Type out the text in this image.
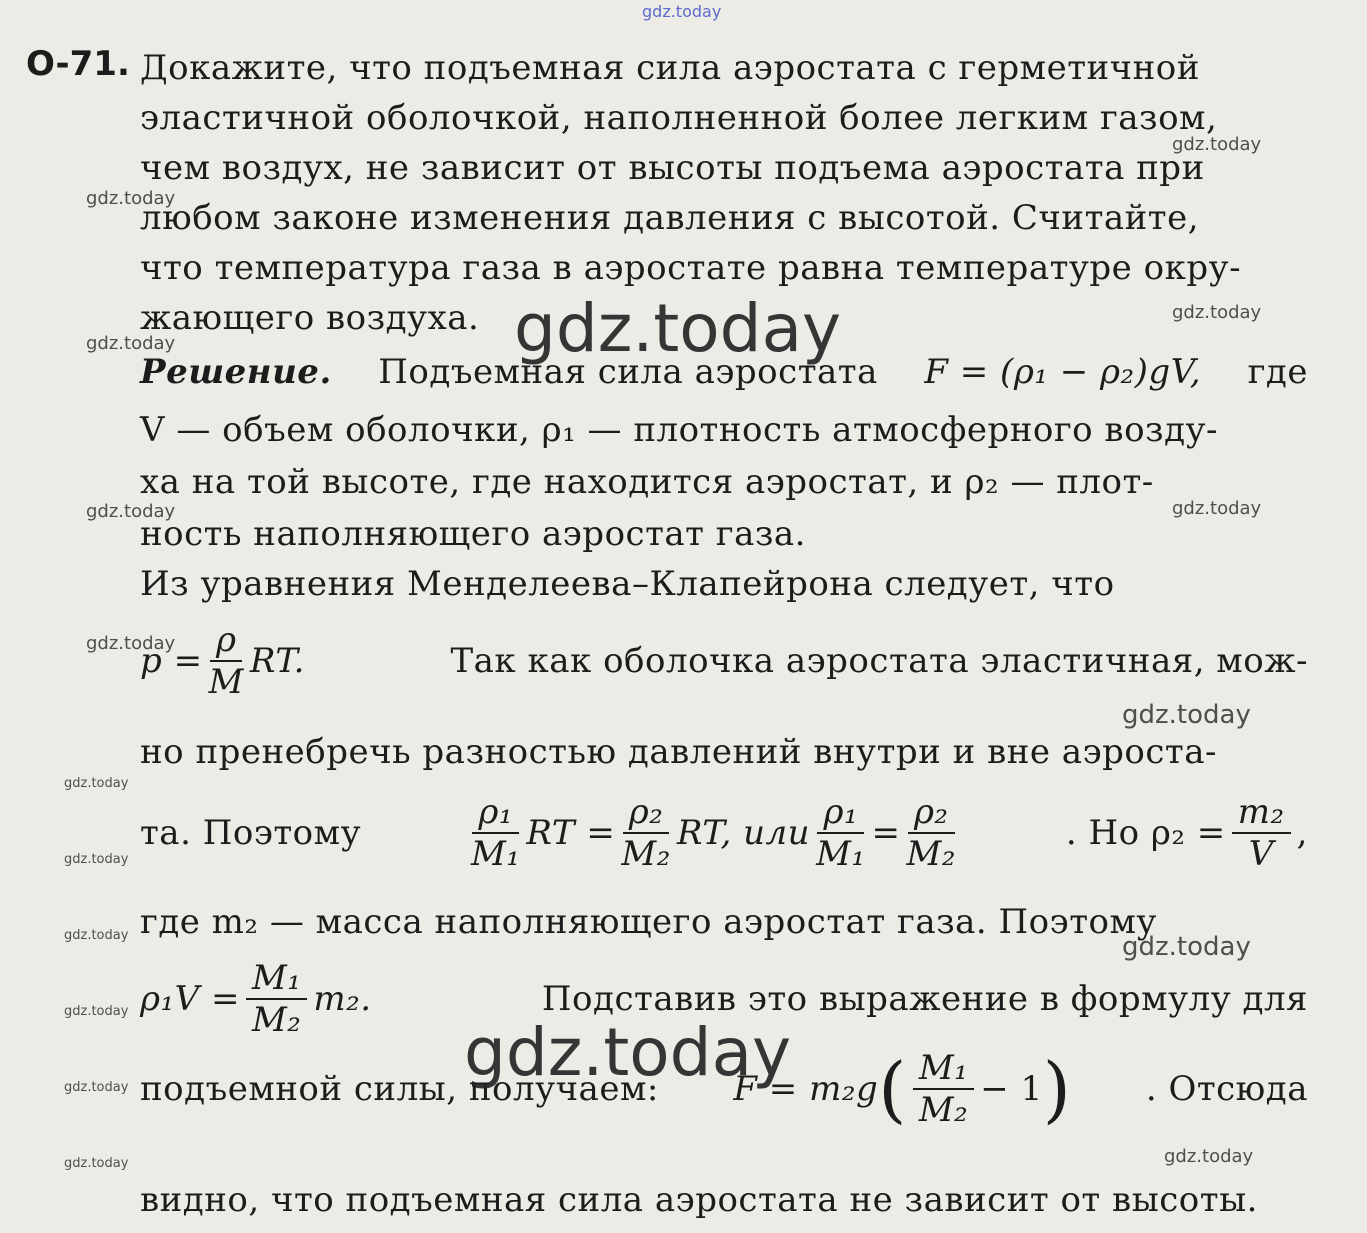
gdz.today
O-71. Докажите, что подъемная сила аэростата с герметичной
эластичной оболочкой, наполненной более легким газом,
чем воздух, не зависит от высоты подъема аэростата при
любом законе изменения давления с высотой. Считайте,
что температура газа в аэростате равна температуре окру-
жающего воздуха.
Решение. Подъемная сила аэростата F = (ρ₁ − ρ₂)gV, где
V — объем оболочки, ρ₁ — плотность атмосферного возду-
ха на той высоте, где находится аэростат, и ρ₂ — плот-
ность наполняющего аэростат газа.
Из уравнения Менделеева–Клапейрона следует, что
$p = \frac{\rho}{M}$ RT.	Так как оболочка аэростата эластичная, мож-
но пренебречь разностью давлений внутри и вне аэроста-
та. Поэтому	$\frac{\text{ρ₁}}{\text{M₁}}$ RT = $\frac{\text{ρ₂}}{\text{M₂}}$ RT, или $\frac{\text{ρ₁}}{\text{M₁}} = \frac{\text{ρ₂}}{\text{M₂}}$	. Но $\rho_2 = \frac{\text{m₂}}{V}$ ,
где m₂ — масса наполняющего аэростат газа. Поэтому
$\rho_1V = \frac{\text{M₁}}{\text{M₂}} m_2$.	Подставив это выражение в формулу для
подъемной силы, получаем: F = m₂g ( $\frac{\text{M₁}}{\text{M₂}} - 1$ ) . Отсюда
видно, что подъемная сила аэростата не зависит от высоты.
gdz.today
gdz.today
gdz.today
gdz.today	gdz.today
gdz.today	gdz.today
gdz.today
gdz.today
gdz.today
gdz.today
gdz.today	gdz.today
gdz.today
gdz.today
gdz.today
gdz.today
gdz.today
